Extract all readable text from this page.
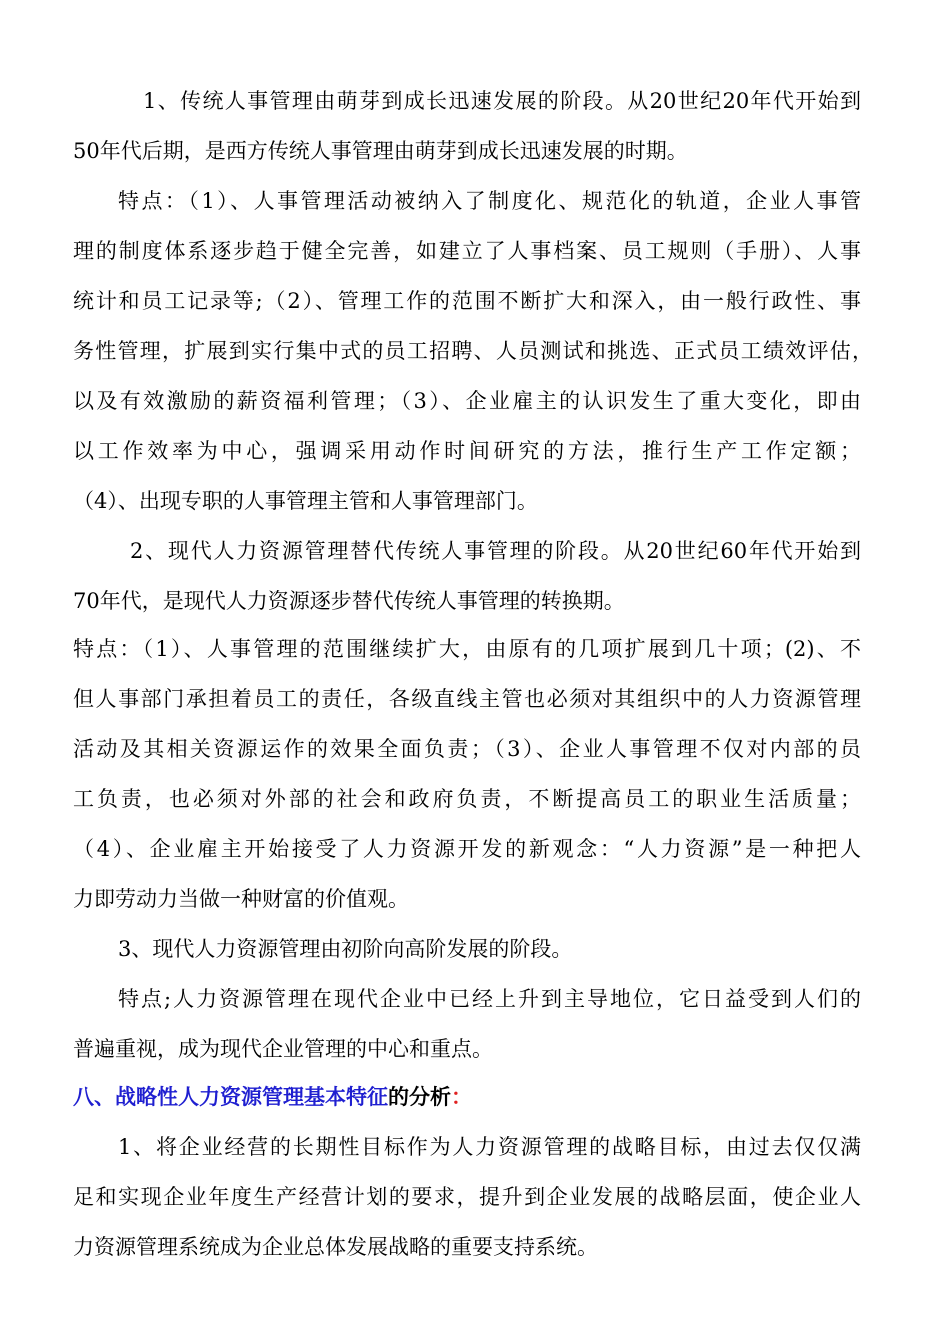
1、传统人事管理由萌芽到成长迅速发展的阶段。从20世纪20年代开始到
50年代后期，是西方传统人事管理由萌芽到成长迅速发展的时期。
特点：（1）、人事管理活动被纳入了制度化、规范化的轨道，企业人事管
理的制度体系逐步趋于健全完善，如建立了人事档案、员工规则（手册）、人事
统计和员工记录等;（2）、管理工作的范围不断扩大和深入，由一般行政性、事
务性管理，扩展到实行集中式的员工招聘、人员测试和挑选、正式员工绩效评估，
以及有效激励的薪资福利管理；（3）、企业雇主的认识发生了重大变化，即由
以工作效率为中心，强调采用动作时间研究的方法，推行生产工作定额；
（4）、出现专职的人事管理主管和人事管理部门。
2、现代人力资源管理替代传统人事管理的阶段。从20世纪60年代开始到
70年代，是现代人力资源逐步替代传统人事管理的转换期。
特点：（1）、人事管理的范围继续扩大，由原有的几项扩展到几十项；(2)、不
但人事部门承担着员工的责任，各级直线主管也必须对其组织中的人力资源管理
活动及其相关资源运作的效果全面负责；（3）、企业人事管理不仅对内部的员
工负责，也必须对外部的社会和政府负责，不断提高员工的职业生活质量；
（4）、企业雇主开始接受了人力资源开发的新观念：“人力资源”是一种把人
力即劳动力当做一种财富的价值观。
3、现代人力资源管理由初阶向高阶发展的阶段。
特点;人力资源管理在现代企业中已经上升到主导地位，它日益受到人们的
普遍重视，成为现代企业管理的中心和重点。
八、战略性人力资源管理基本特征的分析：
1、将企业经营的长期性目标作为人力资源管理的战略目标，由过去仅仅满
足和实现企业年度生产经营计划的要求，提升到企业发展的战略层面，使企业人
力资源管理系统成为企业总体发展战略的重要支持系统。
